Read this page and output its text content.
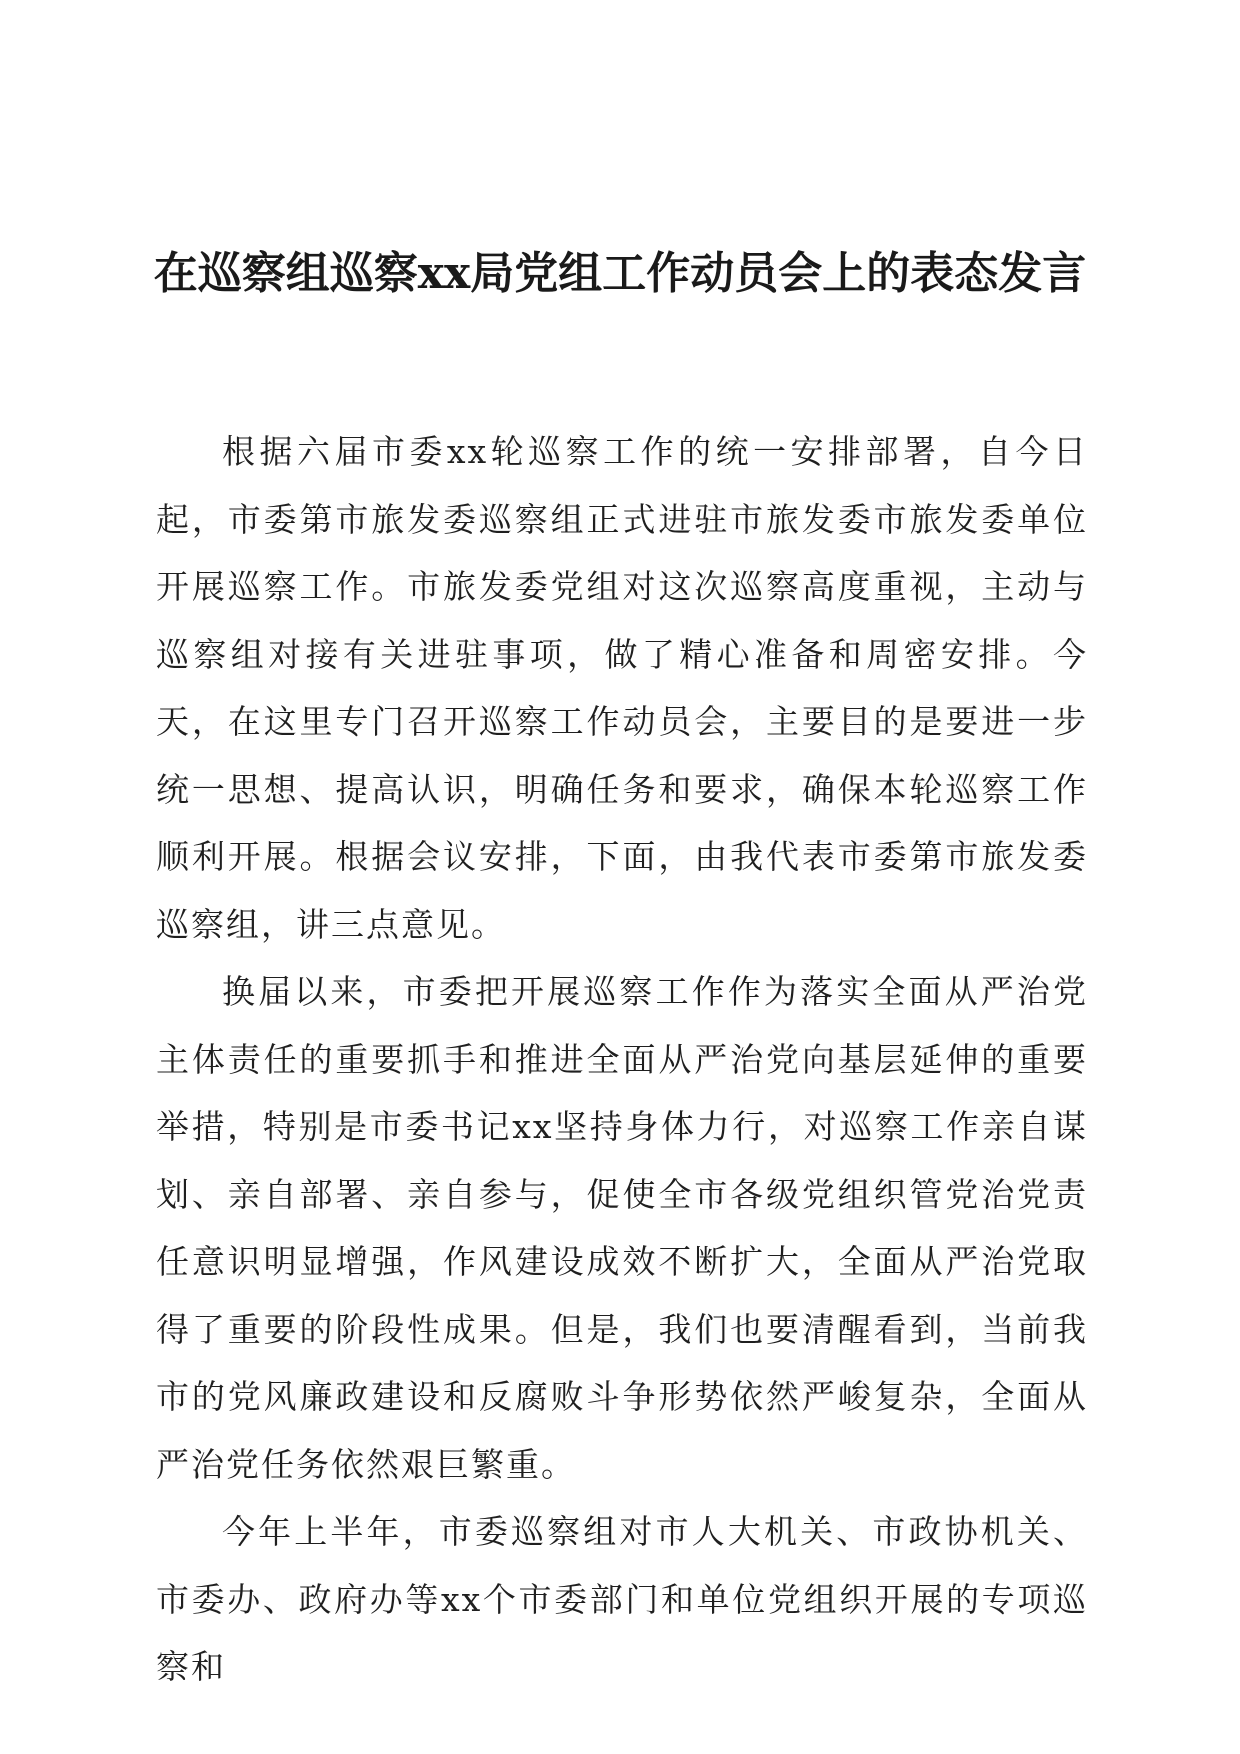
在巡察组巡察xx局党组工作动员会上的表态发言

根据六届市委xx轮巡察工作的统一安排部署，自今日起，市委第市旅发委巡察组正式进驻市旅发委市旅发委单位开展巡察工作。市旅发委党组对这次巡察高度重视，主动与巡察组对接有关进驻事项，做了精心准备和周密安排。今天，在这里专门召开巡察工作动员会，主要目的是要进一步统一思想、提高认识，明确任务和要求，确保本轮巡察工作顺利开展。根据会议安排，下面，由我代表市委第市旅发委巡察组，讲三点意见。

换届以来，市委把开展巡察工作作为落实全面从严治党主体责任的重要抓手和推进全面从严治党向基层延伸的重要举措，特别是市委书记xx坚持身体力行，对巡察工作亲自谋划、亲自部署、亲自参与，促使全市各级党组织管党治党责任意识明显增强，作风建设成效不断扩大，全面从严治党取得了重要的阶段性成果。但是，我们也要清醒看到，当前我市的党风廉政建设和反腐败斗争形势依然严峻复杂，全面从严治党任务依然艰巨繁重。

今年上半年，市委巡察组对市人大机关、市政协机关、市委办、政府办等xx个市委部门和单位党组织开展的专项巡察和
